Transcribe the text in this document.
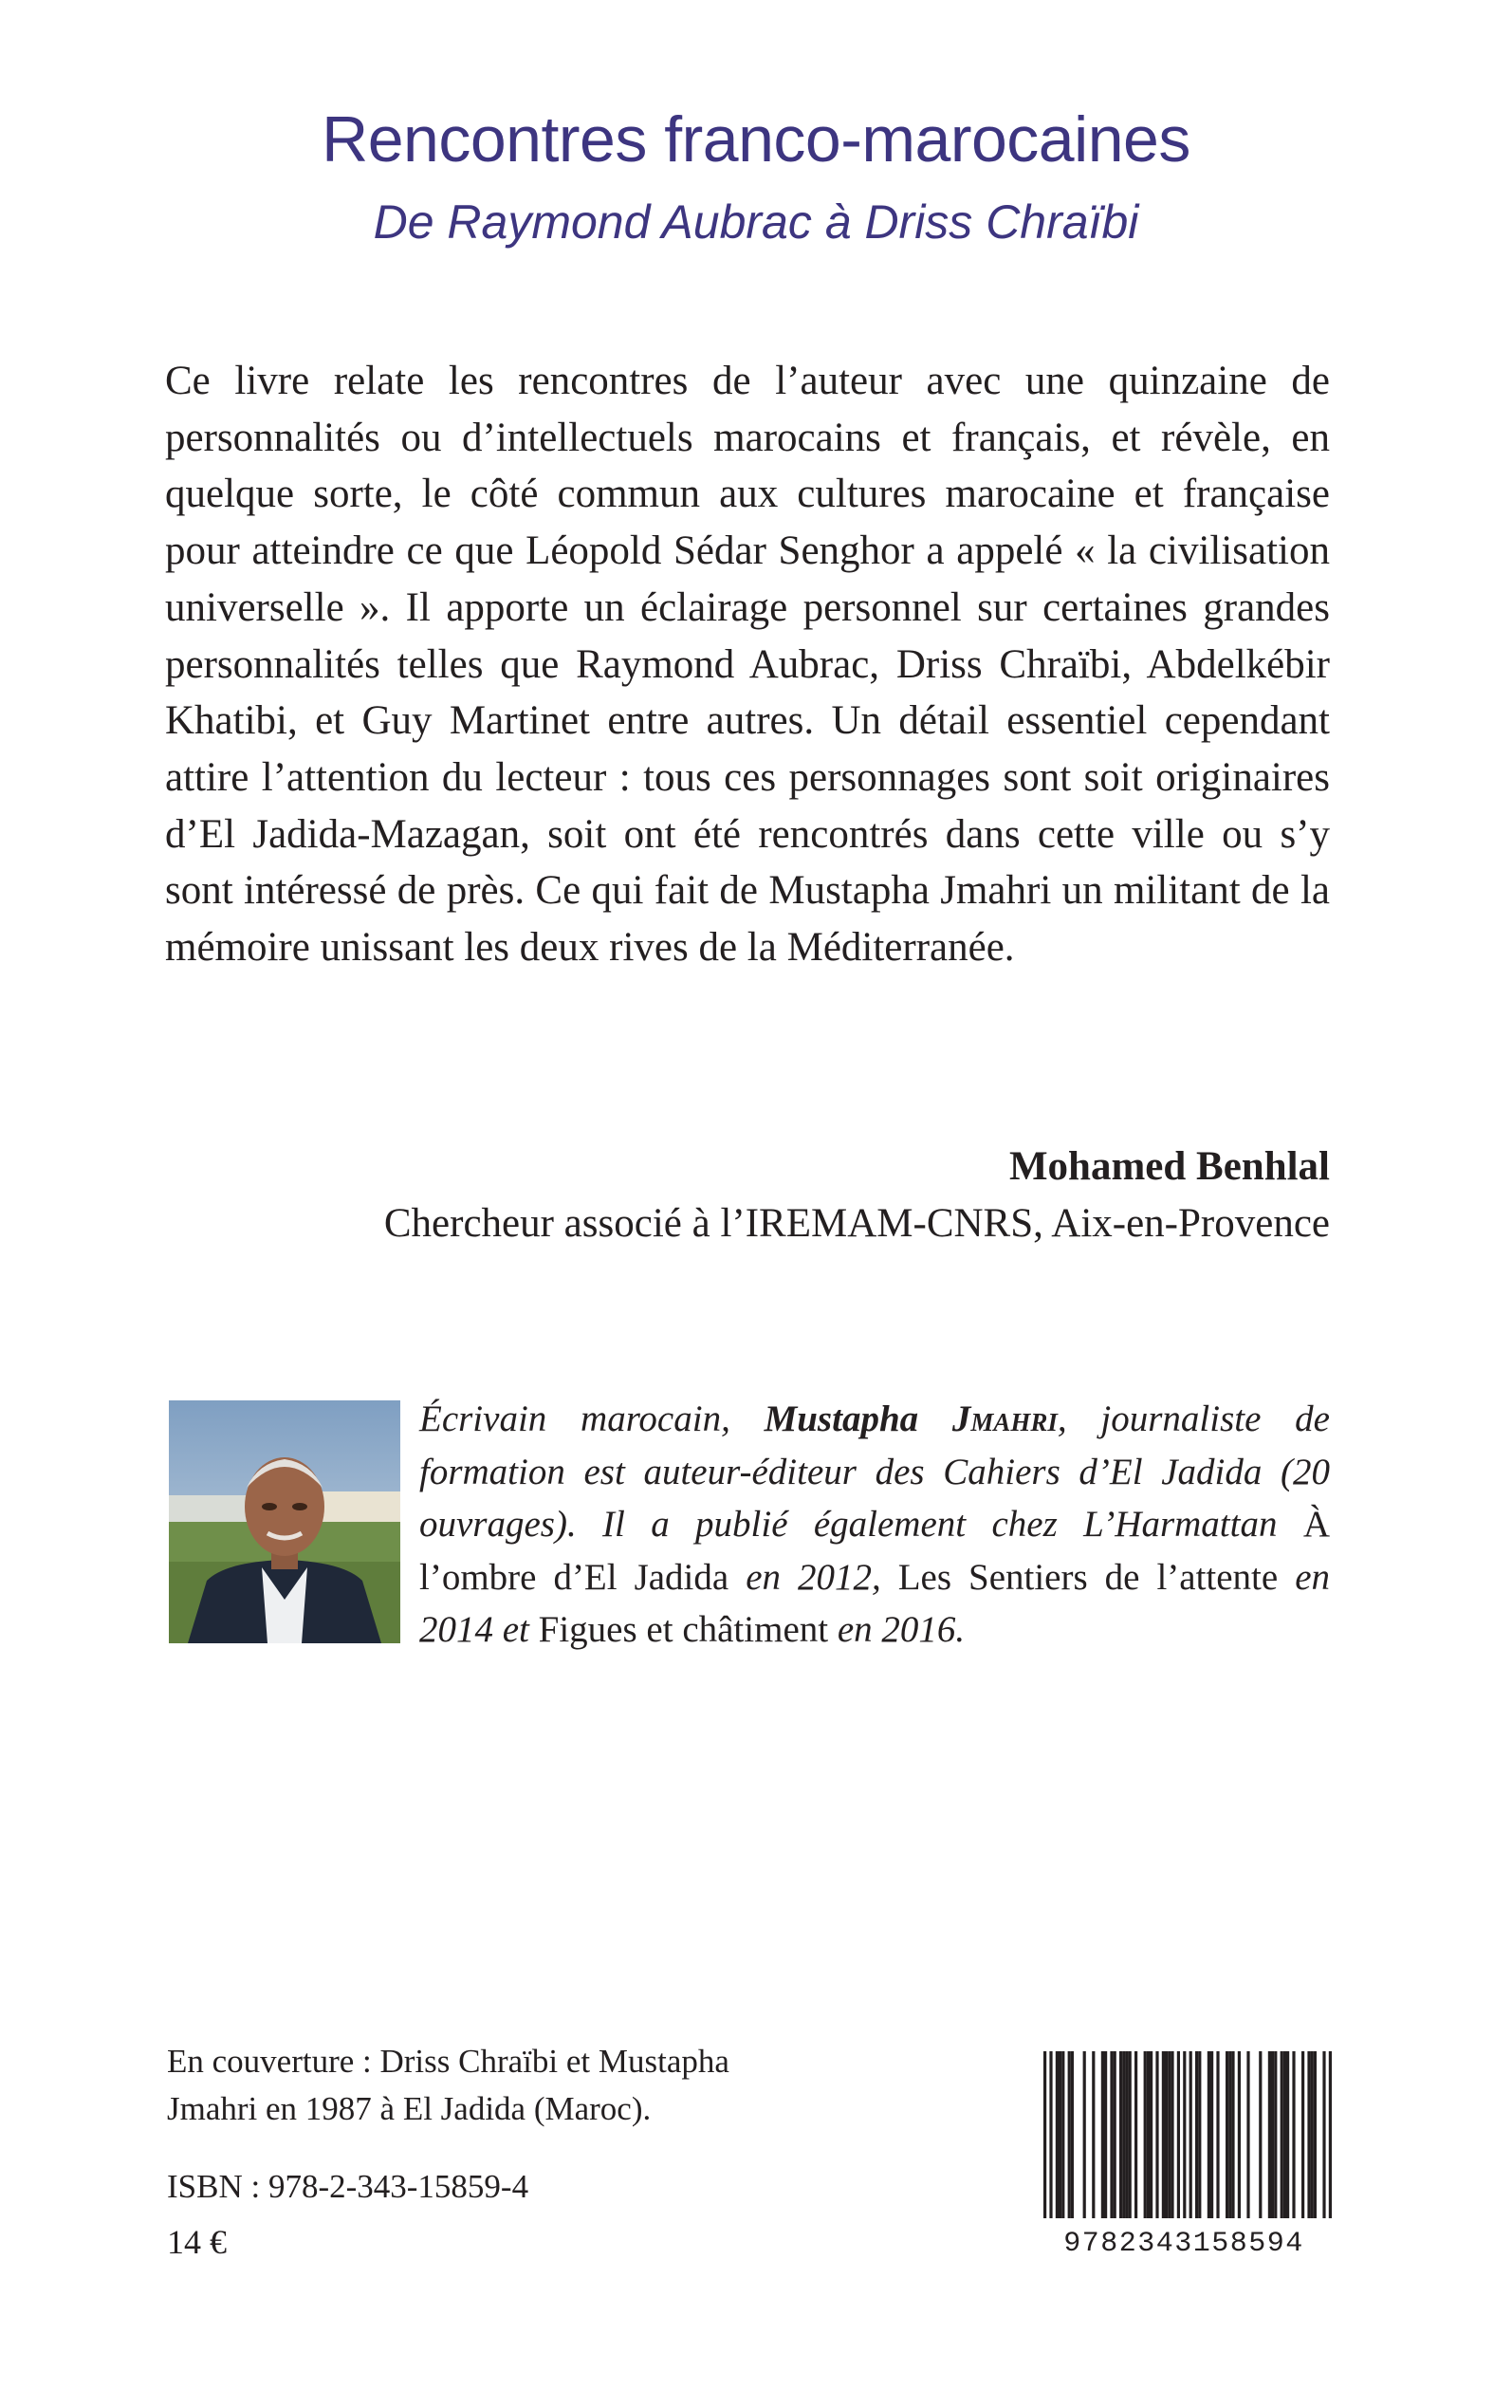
Rencontres franco-marocaines
De Raymond Aubrac à Driss Chraïbi

Ce livre relate les rencontres de l’auteur avec une quinzaine de personnalités ou d’intellectuels marocains et français, et révèle, en quelque sorte, le côté commun aux cultures marocaine et française pour atteindre ce que Léopold Sédar Senghor a appelé « la civilisation universelle ». Il apporte un éclairage personnel sur certaines grandes personnalités telles que Raymond Aubrac, Driss Chraïbi, Abdelkébir Khatibi, et Guy Martinet entre autres. Un détail essentiel cependant attire l’attention du lecteur : tous ces personnages sont soit originaires d’El Jadida-Mazagan, soit ont été rencontrés dans cette ville ou s’y sont intéressé de près. Ce qui fait de Mustapha Jmahri un militant de la mémoire unissant les deux rives de la Méditerranée.

Mohamed Benhlal
Chercheur associé à l’IREMAM-CNRS, Aix-en-Provence

Écrivain marocain, Mustapha Jmahri, journaliste de formation est auteur-éditeur des Cahiers d’El Jadida (20 ouvrages). Il a publié également chez L’Harmattan À l’ombre d’El Jadida en 2012, Les Sentiers de l’attente en 2014 et Figues et châtiment en 2016.

En couverture : Driss Chraïbi et Mustapha
Jmahri en 1987 à El Jadida (Maroc).

ISBN : 978-2-343-15859-4
14 €	9782343158594
